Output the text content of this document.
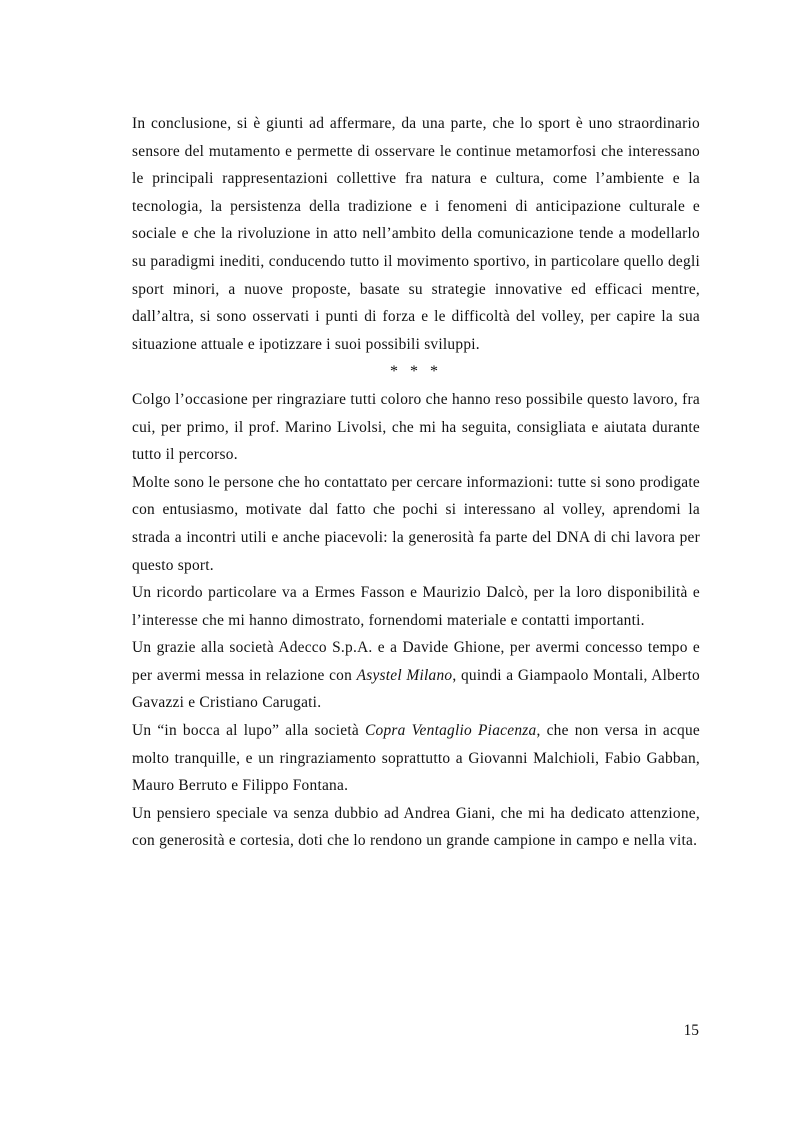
In conclusione, si è giunti ad affermare, da una parte, che lo sport è uno straordinario sensore del mutamento e permette di osservare le continue metamorfosi che interessano le principali rappresentazioni collettive fra natura e cultura, come l’ambiente e la tecnologia, la persistenza della tradizione e i fenomeni di anticipazione culturale e sociale e che la rivoluzione in atto nell’ambito della comunicazione tende a modellarlo su paradigmi inediti, conducendo tutto il movimento sportivo, in particolare quello degli sport minori, a nuove proposte, basate su strategie innovative ed efficaci mentre, dall’altra, si sono osservati i punti di forza e le difficoltà del volley, per capire la sua situazione attuale e ipotizzare i suoi possibili sviluppi.

* * *

Colgo l’occasione per ringraziare tutti coloro che hanno reso possibile questo lavoro, fra cui, per primo, il prof. Marino Livolsi, che mi ha seguita, consigliata e aiutata durante tutto il percorso.

Molte sono le persone che ho contattato per cercare informazioni: tutte si sono prodigate con entusiasmo, motivate dal fatto che pochi si interessano al volley, aprendomi la strada a incontri utili e anche piacevoli: la generosità fa parte del DNA di chi lavora per questo sport.

Un ricordo particolare va a Ermes Fasson e Maurizio Dalcò, per la loro disponibilità e l’interesse che mi hanno dimostrato, fornendomi materiale e contatti importanti.

Un grazie alla società Adecco S.p.A. e a Davide Ghione, per avermi concesso tempo e per avermi messa in relazione con Asystel Milano, quindi a Giampaolo Montali, Alberto Gavazzi e Cristiano Carugati.

Un “in bocca al lupo” alla società Copra Ventaglio Piacenza, che non versa in acque molto tranquille, e un ringraziamento soprattutto a Giovanni Malchioli, Fabio Gabban, Mauro Berruto e Filippo Fontana.

Un pensiero speciale va senza dubbio ad Andrea Giani, che mi ha dedicato attenzione, con generosità e cortesia, doti che lo rendono un grande campione in campo e nella vita.

15
